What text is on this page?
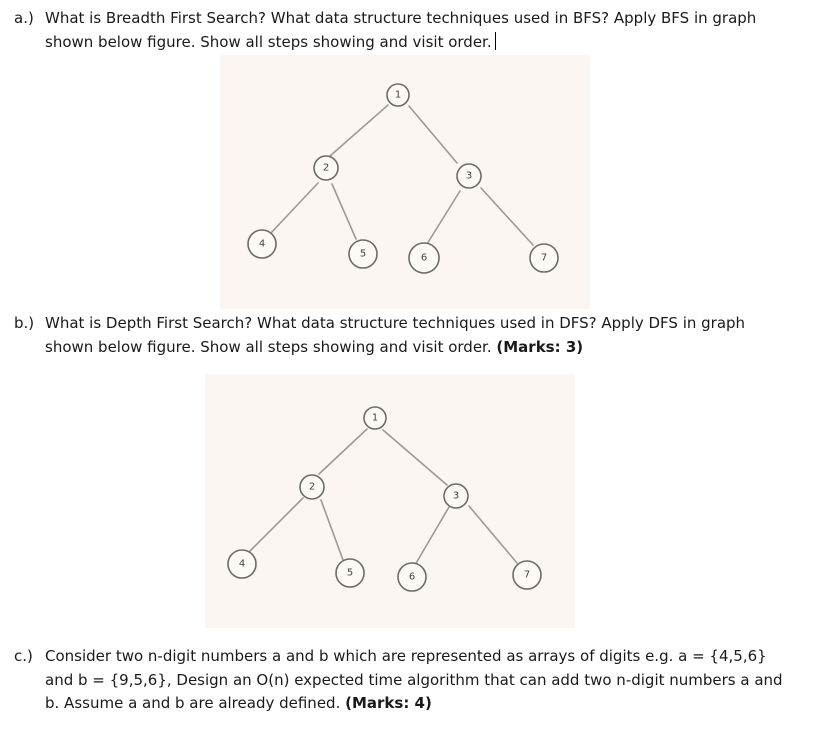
a.) What is Breadth First Search? What data structure techniques used in BFS? Apply BFS in graph
shown below figure. Show all steps showing and visit order.
1
2
3
4
5	6	7
b.) What is Depth First Search? What data structure techniques used in DFS? Apply DFS in graph
shown below figure. Show all steps showing and visit order. (Marks: 3)
1
2
3
4
5	6	7
c.) Consider two n-digit numbers a and b which are represented as arrays of digits e.g. a = {4,5,6}
and b = {9,5,6}, Design an O(n) expected time algorithm that can add two n-digit numbers a and
b. Assume a and b are already defined. (Marks: 4)
